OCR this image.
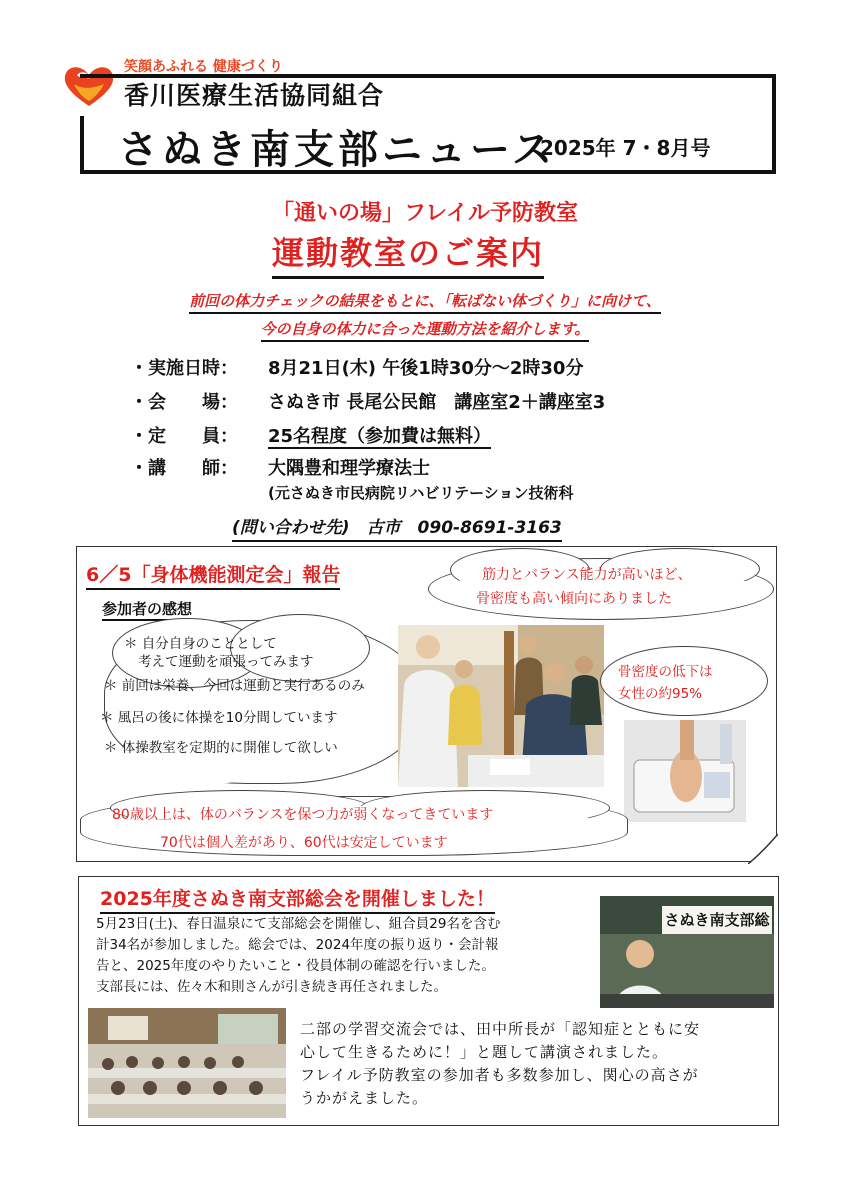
笑顔あふれる 健康づくり
香川医療生活協同組合
さぬき南支部ニュース
2025年 7・8月号
「通いの場」フレイル予防教室
運動教室のご案内
前回の体力チェックの結果をもとに、「転ばない体づくり」に向けて、
今の自身の体力に合った運動方法を紹介します。
・実施日時： 8月21日(木) 午後1時30分～2時30分
・会　　場： さぬき市 長尾公民館　講座室2＋講座室3
・定　　員： 25名程度（参加費は無料）
・講　　師： 大隅豊和理学療法士
(元さぬき市民病院リハビリテーション技術科
(問い合わせ先)　古市　090-8691-3163
6／5「身体機能測定会」報告
参加者の感想
＊ 自分自身のこととして
考えて運動を頑張ってみます
＊ 前回は栄養、今回は運動と実行あるのみ
＊ 風呂の後に体操を10分間しています
＊ 体操教室を定期的に開催して欲しい
筋力とバランス能力が高いほど、
骨密度も高い傾向にありました
骨密度の低下は
女性の約95%
80歳以上は、体のバランスを保つ力が弱くなってきています
70代は個人差があり、60代は安定しています
2025年度さぬき南支部総会を開催しました！
5月23日(土)、春日温泉にて支部総会を開催し、組合員29名を含む
計34名が参加しました。総会では、2024年度の振り返り・会計報
告と、2025年度のやりたいこと・役員体制の確認を行いました。
支部長には、佐々木和則さんが引き続き再任されました。
さぬき南支部総
二部の学習交流会では、田中所長が「認知症とともに安
心して生きるために！」と題して講演されました。
フレイル予防教室の参加者も多数参加し、関心の高さが
うかがえました。
